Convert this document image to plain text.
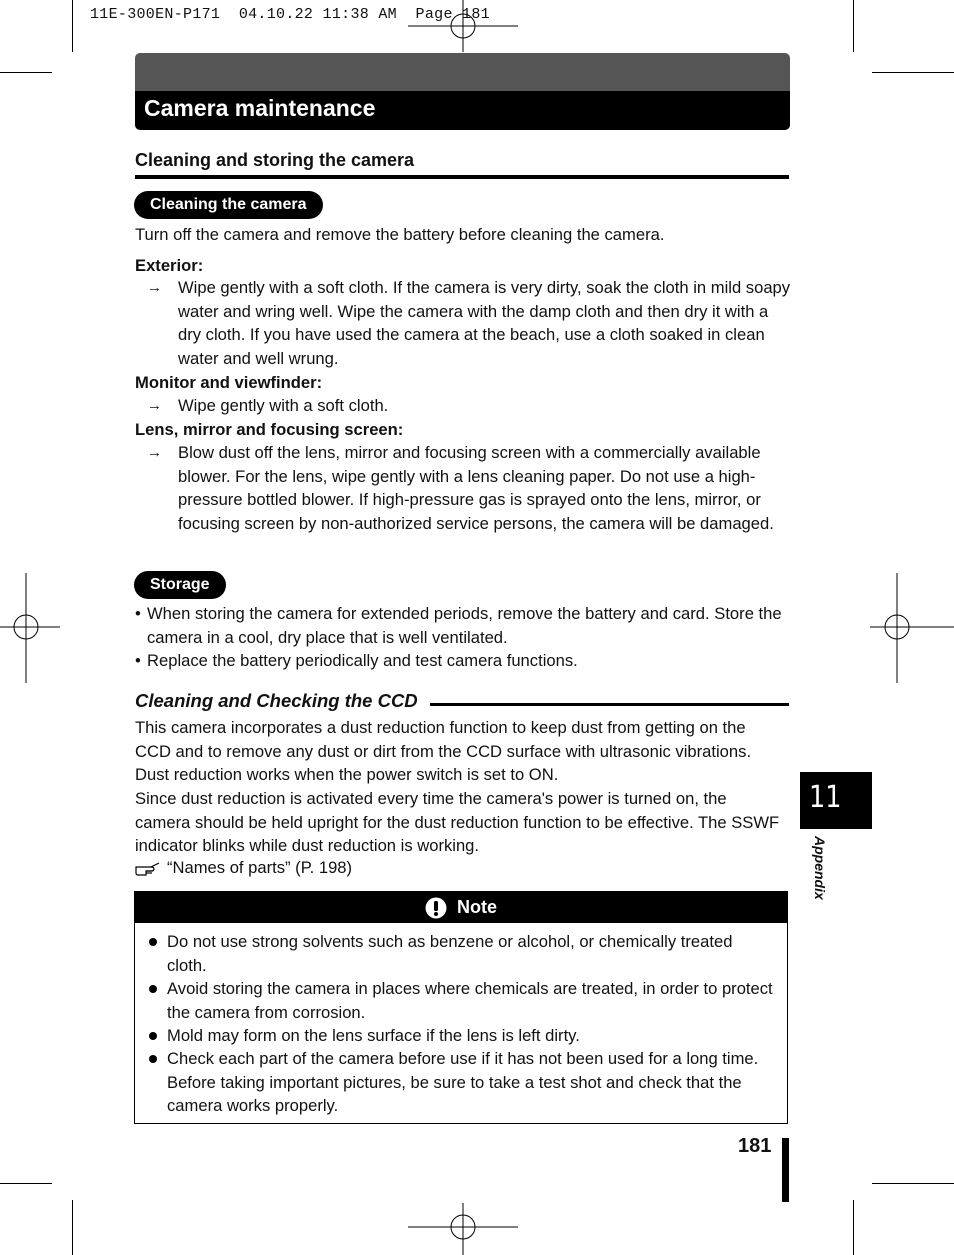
11E-300EN-P171  04.10.22 11:38 AM  Page 181
Camera maintenance
Cleaning and storing the camera
Cleaning the camera
Turn off the camera and remove the battery before cleaning the camera.
Exterior:
→ Wipe gently with a soft cloth. If the camera is very dirty, soak the cloth in mild soapy water and wring well. Wipe the camera with the damp cloth and then dry it with a dry cloth. If you have used the camera at the beach, use a cloth soaked in clean water and well wrung.
Monitor and viewfinder:
→ Wipe gently with a soft cloth.
Lens, mirror and focusing screen:
→ Blow dust off the lens, mirror and focusing screen with a commercially available blower. For the lens, wipe gently with a lens cleaning paper. Do not use a high-pressure bottled blower. If high-pressure gas is sprayed onto the lens, mirror, or focusing screen by non-authorized service persons, the camera will be damaged.
Storage
• When storing the camera for extended periods, remove the battery and card. Store the camera in a cool, dry place that is well ventilated.
• Replace the battery periodically and test camera functions.
Cleaning and Checking the CCD
This camera incorporates a dust reduction function to keep dust from getting on the CCD and to remove any dust or dirt from the CCD surface with ultrasonic vibrations. Dust reduction works when the power switch is set to ON.
Since dust reduction is activated every time the camera's power is turned on, the camera should be held upright for the dust reduction function to be effective. The SSWF indicator blinks while dust reduction is working.
“Names of parts” (P. 198)
Note
Do not use strong solvents such as benzene or alcohol, or chemically treated cloth.
Avoid storing the camera in places where chemicals are treated, in order to protect the camera from corrosion.
Mold may form on the lens surface if the lens is left dirty.
Check each part of the camera before use if it has not been used for a long time. Before taking important pictures, be sure to take a test shot and check that the camera works properly.
181
11
Appendix
